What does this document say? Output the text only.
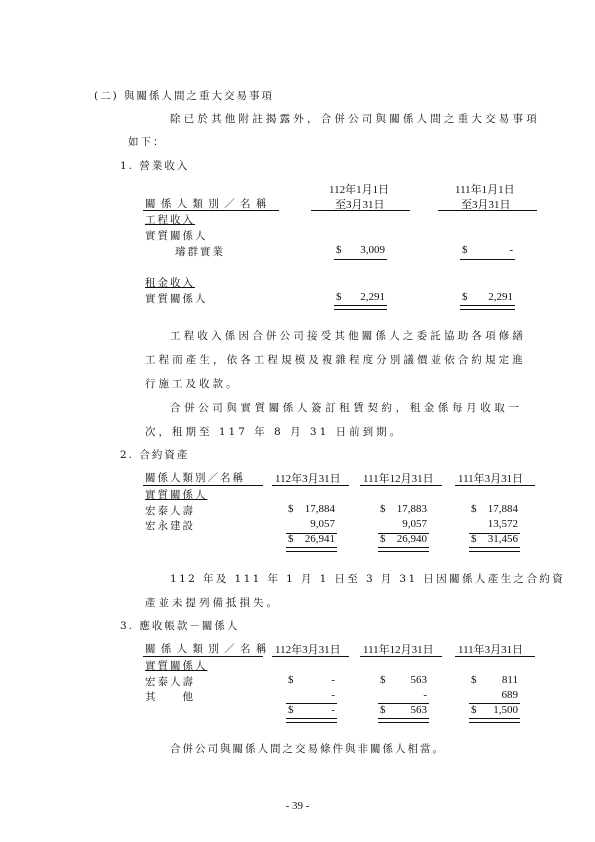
(二) 與關係人間之重大交易事項
除已於其他附註揭露外，合併公司與關係人間之重大交易事項
如下：
1. 營業收入
112年1月1日
至3月31日
111年1月1日
至3月31日
關 係 人 類 別 ／ 名 稱
工程收入
實質關係人
璿群實業	$	3,009	$	-
租金收入
實質關係人	$	2,291	$	2,291
工程收入係因合併公司接受其他關係人之委託協助各項修繕
工程而產生，依各工程規模及複雜程度分別議價並依合約規定進
行施工及收款。
合併公司與實質關係人簽訂租賃契約，租金係每月收取一
次，租期至 117 年 8 月 31 日前到期。
2. 合約資產
關係人類別／名稱	112年3月31日 111年12月31日 111年3月31日
實質關係人
宏泰人壽	$	17,884	$	17,883	$	17,884
宏永建設	9,057	9,057	13,572
$	26,941	$	26,940	$	31,456
112 年及 111 年 1 月 1 日至 3 月 31 日因關係人產生之合約資
產並未提列備抵損失。
3. 應收帳款－關係人
關 係 人 類 別 ／ 名 稱 112年3月31日 111年12月31日 111年3月31日
實質關係人
宏泰人壽	$	-	$	563	$	811
其　　他	-	-	689
$	-	$	563	$	1,500
合併公司與關係人間之交易條件與非關係人相當。
- 39 -
